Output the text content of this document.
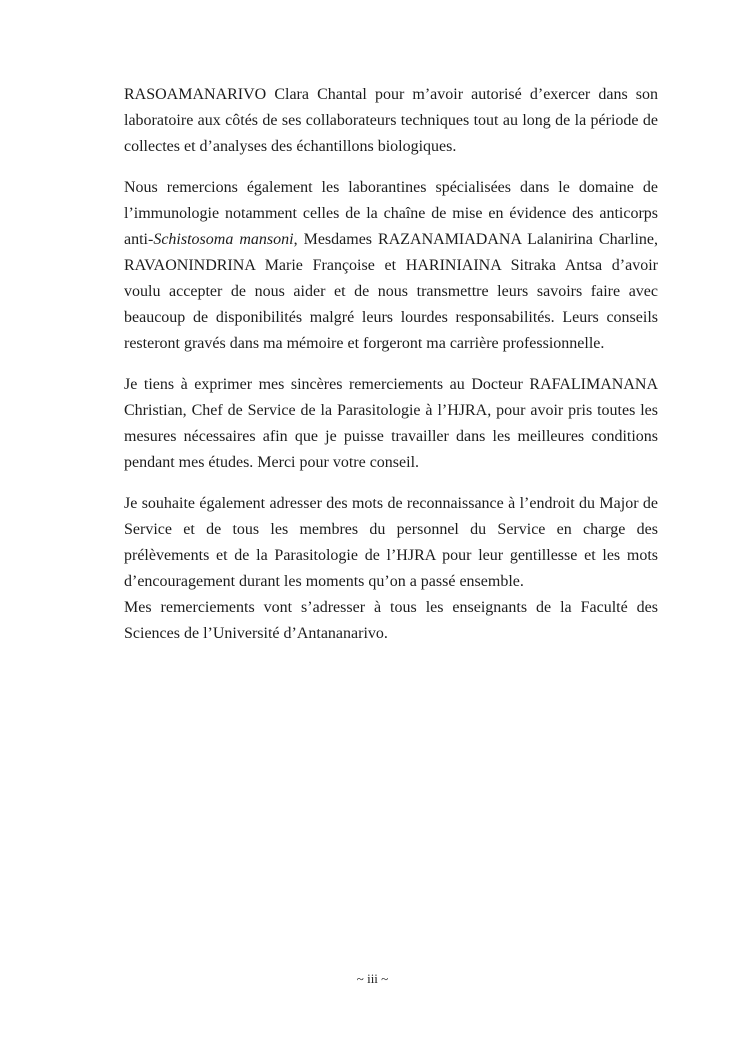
RASOAMANARIVO Clara Chantal pour m’avoir autorisé d’exercer dans son laboratoire aux côtés de ses collaborateurs techniques tout au long de la période de collectes et d’analyses des échantillons biologiques.

Nous remercions également les laborantines spécialisées dans le domaine de l’immunologie notamment celles de la chaîne de mise en évidence des anticorps anti-Schistosoma mansoni, Mesdames RAZANAMIADANA Lalanirina Charline, RAVAONINDRINA Marie Françoise et HARINIAINA Sitraka Antsa d’avoir voulu accepter de nous aider et de nous transmettre leurs savoirs faire avec beaucoup de disponibilités malgré leurs lourdes responsabilités. Leurs conseils resteront gravés dans ma mémoire et forgeront ma carrière professionnelle.

Je tiens à exprimer mes sincères remerciements au Docteur RAFALIMANANA Christian, Chef de Service de la Parasitologie à l’HJRA, pour avoir pris toutes les mesures nécessaires afin que je puisse travailler dans les meilleures conditions pendant mes études. Merci pour votre conseil.

Je souhaite également adresser des mots de reconnaissance à l’endroit du Major de Service et de tous les membres du personnel du Service en charge des prélèvements et de la Parasitologie de l’HJRA pour leur gentillesse et les mots d’encouragement durant les moments qu’on a passé ensemble.

Mes remerciements vont s’adresser à tous les enseignants de la Faculté des Sciences de l’Université d’Antananarivo.

~ iii ~
